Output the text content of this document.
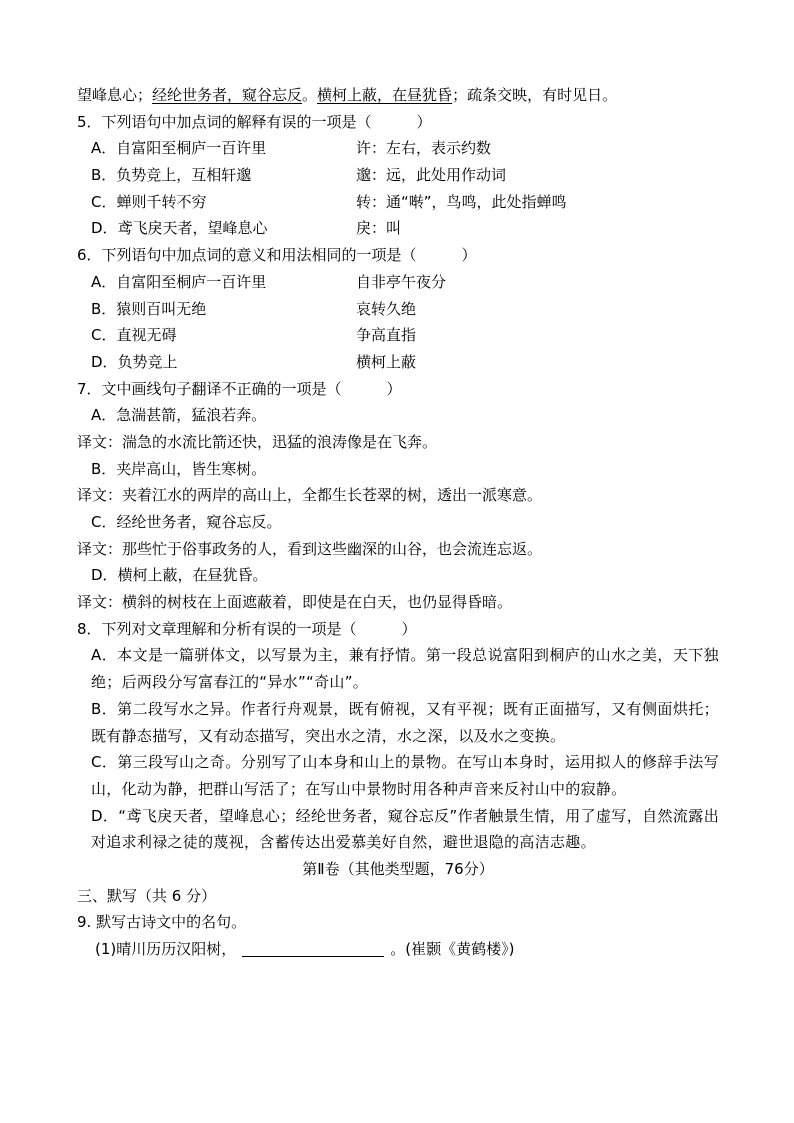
望峰息心；经纶世务者，窥谷忘反。横柯上蔽，在昼犹昏；疏条交映，有时见日。
5．下列语句中加点词的解释有误的一项是（　　　）
A．自富阳至桐庐一百许里	许：左右，表示约数
B．负势竞上，互相轩邈	邈：远，此处用作动词
C．蝉则千转不穷	转：通“啭”，鸟鸣，此处指蝉鸣
D．鸢飞戾天者，望峰息心	戾：叫
6．下列语句中加点词的意义和用法相同的一项是（　　　）
A．自富阳至桐庐一百许里	自非亭午夜分
B．猿则百叫无绝	哀转久绝
C．直视无碍	争高直指
D．负势竞上	横柯上蔽
7．文中画线句子翻译不正确的一项是（　　　）
A．急湍甚箭，猛浪若奔。
译文：湍急的水流比箭还快，迅猛的浪涛像是在飞奔。
B．夹岸高山，皆生寒树。
译文：夹着江水的两岸的高山上，全都生长苍翠的树，透出一派寒意。
C．经纶世务者，窥谷忘反。
译文：那些忙于俗事政务的人，看到这些幽深的山谷，也会流连忘返。
D．横柯上蔽，在昼犹昏。
译文：横斜的树枝在上面遮蔽着，即使是在白天，也仍显得昏暗。
8．下列对文章理解和分析有误的一项是（　　　）
A．本文是一篇骈体文，以写景为主，兼有抒情。第一段总说富阳到桐庐的山水之美，天下独绝；后两段分写富春江的“异水”“奇山”。
B．第二段写水之异。作者行舟观景，既有俯视，又有平视；既有正面描写，又有侧面烘托；既有静态描写，又有动态描写，突出水之清，水之深，以及水之变换。
C．第三段写山之奇。分别写了山本身和山上的景物。在写山本身时，运用拟人的修辞手法写山，化动为静，把群山写活了；在写山中景物时用各种声音来反衬山中的寂静。
D．“鸢飞戾天者，望峰息心；经纶世务者，窥谷忘反”作者触景生情，用了虚写，自然流露出对追求利禄之徒的蔑视，含蓄传达出爱慕美好自然，避世退隐的高洁志趣。
第Ⅱ卷（其他类型题，76分）
三、默写（共 6 分）
9. 默写古诗文中的名句。
(1)晴川历历汉阳树，	。(崔颢《黄鹤楼》)
